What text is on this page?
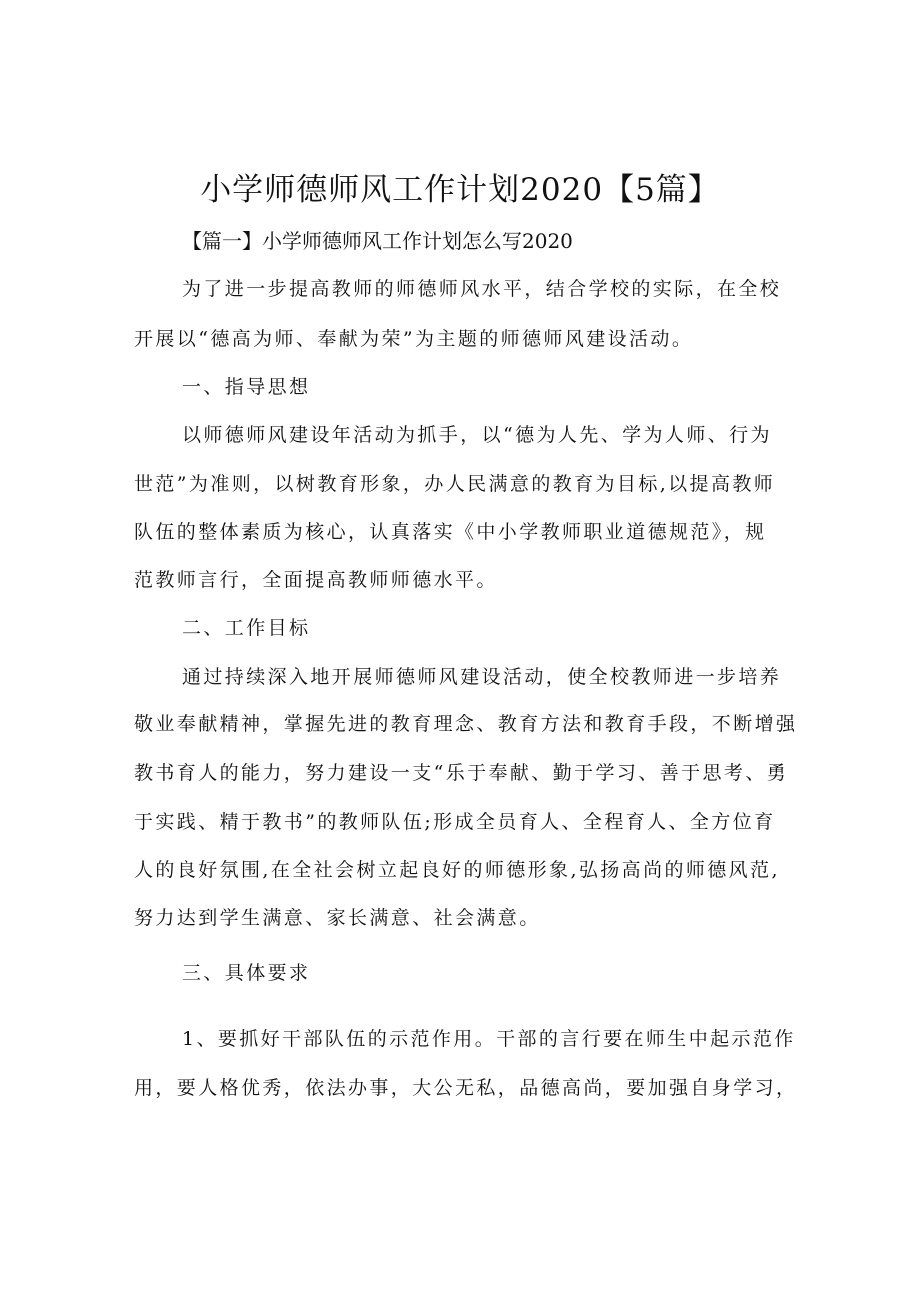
小学师德师风工作计划2020【5篇】
【篇一】小学师德师风工作计划怎么写2020
为了进一步提高教师的师德师风水平，结合学校的实际，在全校
开展以“德高为师、奉献为荣”为主题的师德师风建设活动。
一、指导思想
以师德师风建设年活动为抓手，以“德为人先、学为人师、行为
世范”为准则，以树教育形象，办人民满意的教育为目标,以提高教师
队伍的整体素质为核心，认真落实《中小学教师职业道德规范》，规
范教师言行，全面提高教师师德水平。
二、工作目标
通过持续深入地开展师德师风建设活动，使全校教师进一步培养
敬业奉献精神，掌握先进的教育理念、教育方法和教育手段，不断增强
教书育人的能力，努力建设一支“乐于奉献、勤于学习、善于思考、勇
于实践、精于教书”的教师队伍;形成全员育人、全程育人、全方位育
人的良好氛围,在全社会树立起良好的师德形象,弘扬高尚的师德风范,
努力达到学生满意、家长满意、社会满意。
三、具体要求
1、要抓好干部队伍的示范作用。干部的言行要在师生中起示范作
用，要人格优秀，依法办事，大公无私，品德高尚，要加强自身学习，
